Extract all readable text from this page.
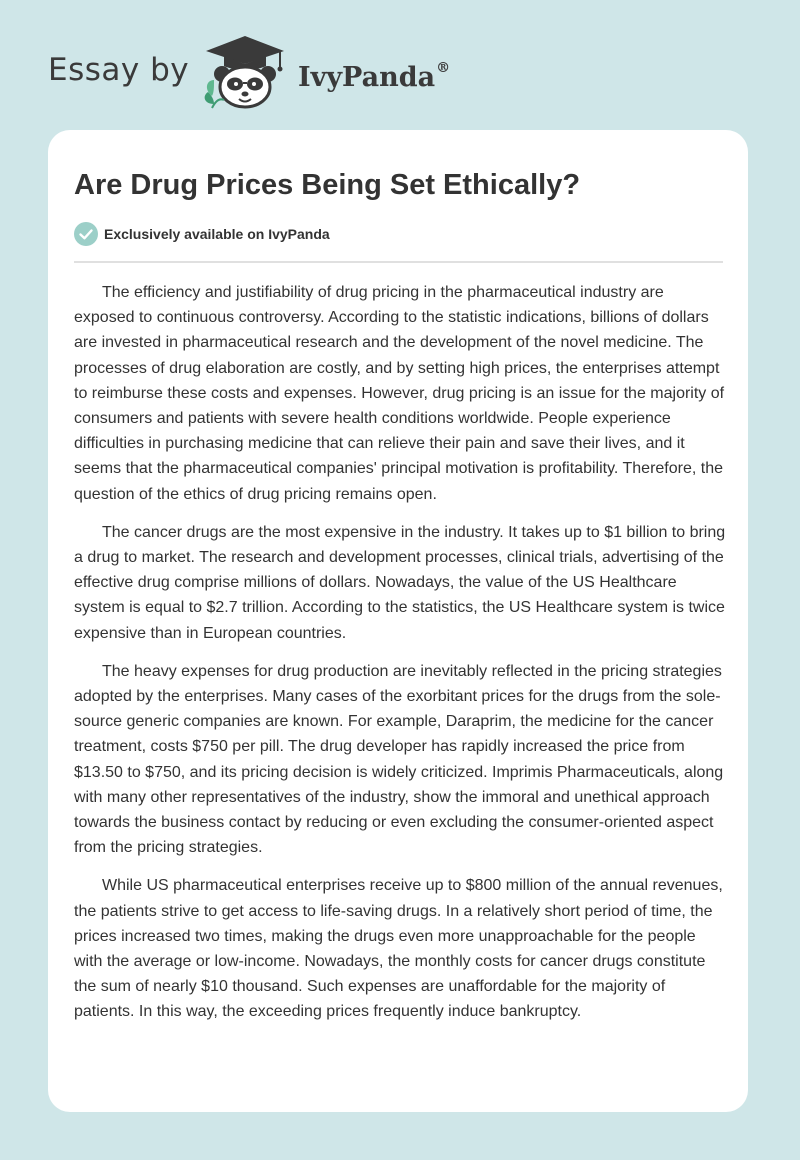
Essay by	IvyPanda®
Are Drug Prices Being Set Ethically?
Exclusively available on IvyPanda

The efficiency and justifiability of drug pricing in the pharmaceutical industry are exposed to continuous controversy. According to the statistic indications, billions of dollars are invested in pharmaceutical research and the development of the novel medicine. The processes of drug elaboration are costly, and by setting high prices, the enterprises attempt to reimburse these costs and expenses. However, drug pricing is an issue for the majority of consumers and patients with severe health conditions worldwide. People experience difficulties in purchasing medicine that can relieve their pain and save their lives, and it seems that the pharmaceutical companies' principal motivation is profitability. Therefore, the question of the ethics of drug pricing remains open.

The cancer drugs are the most expensive in the industry. It takes up to $1 billion to bring a drug to market. The research and development processes, clinical trials, advertising of the effective drug comprise millions of dollars. Nowadays, the value of the US Healthcare system is equal to $2.7 trillion. According to the statistics, the US Healthcare system is twice expensive than in European countries.

The heavy expenses for drug production are inevitably reflected in the pricing strategies adopted by the enterprises. Many cases of the exorbitant prices for the drugs from the sole-source generic companies are known. For example, Daraprim, the medicine for the cancer treatment, costs $750 per pill. The drug developer has rapidly increased the price from $13.50 to $750, and its pricing decision is widely criticized. Imprimis Pharmaceuticals, along with many other representatives of the industry, show the immoral and unethical approach towards the business contact by reducing or even excluding the consumer-oriented aspect from the pricing strategies.

While US pharmaceutical enterprises receive up to $800 million of the annual revenues, the patients strive to get access to life-saving drugs. In a relatively short period of time, the prices increased two times, making the drugs even more unapproachable for the people with the average or low-income. Nowadays, the monthly costs for cancer drugs constitute the sum of nearly $10 thousand. Such expenses are unaffordable for the majority of patients. In this way, the exceeding prices frequently induce bankruptcy.
